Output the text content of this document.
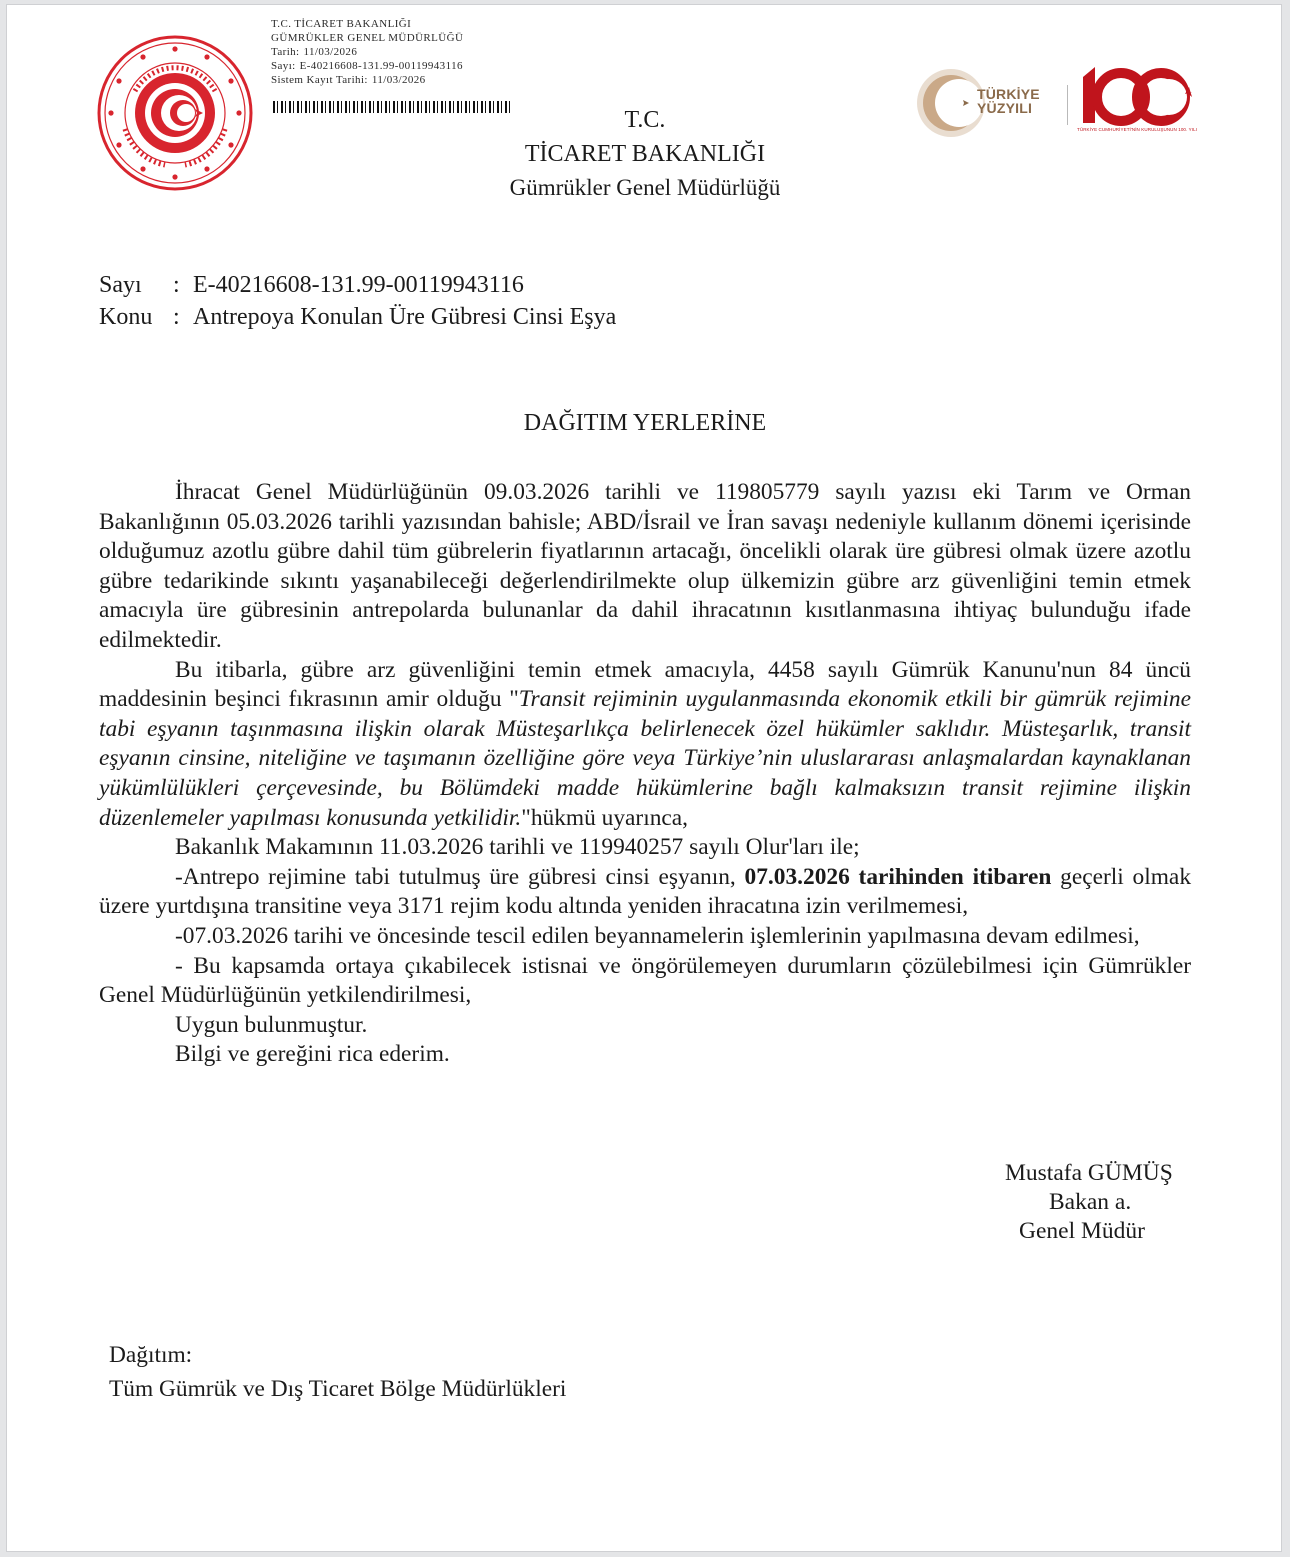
T.C. TİCARET BAKANLIĞI
GÜMRÜKLER GENEL MÜDÜRLÜĞÜ
Tarih: 11/03/2026
Sayı: E-40216608-131.99-00119943116
Sistem Kayıt Tarihi: 11/03/2026
T.C.
TİCARET BAKANLIĞI
Gümrükler Genel Müdürlüğü
TÜRKİYE
YÜZYILI
TÜRKİYE CUMHURİYETİ'NİN KURULUŞUNUN 100. YILI
Sayı	: E-40216608-131.99-00119943116
Konu : Antrepoya Konulan Üre Gübresi Cinsi Eşya
DAĞITIM YERLERİNE

İhracat Genel Müdürlüğünün 09.03.2026 tarihli ve 119805779 sayılı yazısı eki Tarım ve Orman Bakanlığının 05.03.2026 tarihli yazısından bahisle; ABD/İsrail ve İran savaşı nedeniyle kullanım dönemi içerisinde olduğumuz azotlu gübre dahil tüm gübrelerin fiyatlarının artacağı, öncelikli olarak üre gübresi olmak üzere azotlu gübre tedarikinde sıkıntı yaşanabileceği değerlendirilmekte olup ülkemizin gübre arz güvenliğini temin etmek amacıyla üre gübresinin antrepolarda bulunanlar da dahil ihracatının kısıtlanmasına ihtiyaç bulunduğu ifade edilmektedir.

Bu itibarla, gübre arz güvenliğini temin etmek amacıyla, 4458 sayılı Gümrük Kanunu'nun 84 üncü maddesinin beşinci fıkrasının amir olduğu "Transit rejiminin uygulanmasında ekonomik etkili bir gümrük rejimine tabi eşyanın taşınmasına ilişkin olarak Müsteşarlıkça belirlenecek özel hükümler saklıdır. Müsteşarlık, transit eşyanın cinsine, niteliğine ve taşımanın özelliğine göre veya Türkiye’nin uluslararası anlaşmalardan kaynaklanan yükümlülükleri çerçevesinde, bu Bölümdeki madde hükümlerine bağlı kalmaksızın transit rejimine ilişkin düzenlemeler yapılması konusunda yetkilidir."hükmü uyarınca,

Bakanlık Makamının 11.03.2026 tarihli ve 119940257 sayılı Olur'ları ile;

-Antrepo rejimine tabi tutulmuş üre gübresi cinsi eşyanın, 07.03.2026 tarihinden itibaren geçerli olmak üzere yurtdışına transitine veya 3171 rejim kodu altında yeniden ihracatına izin verilmemesi,

-07.03.2026 tarihi ve öncesinde tescil edilen beyannamelerin işlemlerinin yapılmasına devam edilmesi,

- Bu kapsamda ortaya çıkabilecek istisnai ve öngörülemeyen durumların çözülebilmesi için Gümrükler Genel Müdürlüğünün yetkilendirilmesi,

Uygun bulunmuştur.

Bilgi ve gereğini rica ederim.

Mustafa GÜMÜŞ
Bakan a.
Genel Müdür
Dağıtım:
Tüm Gümrük ve Dış Ticaret Bölge Müdürlükleri
